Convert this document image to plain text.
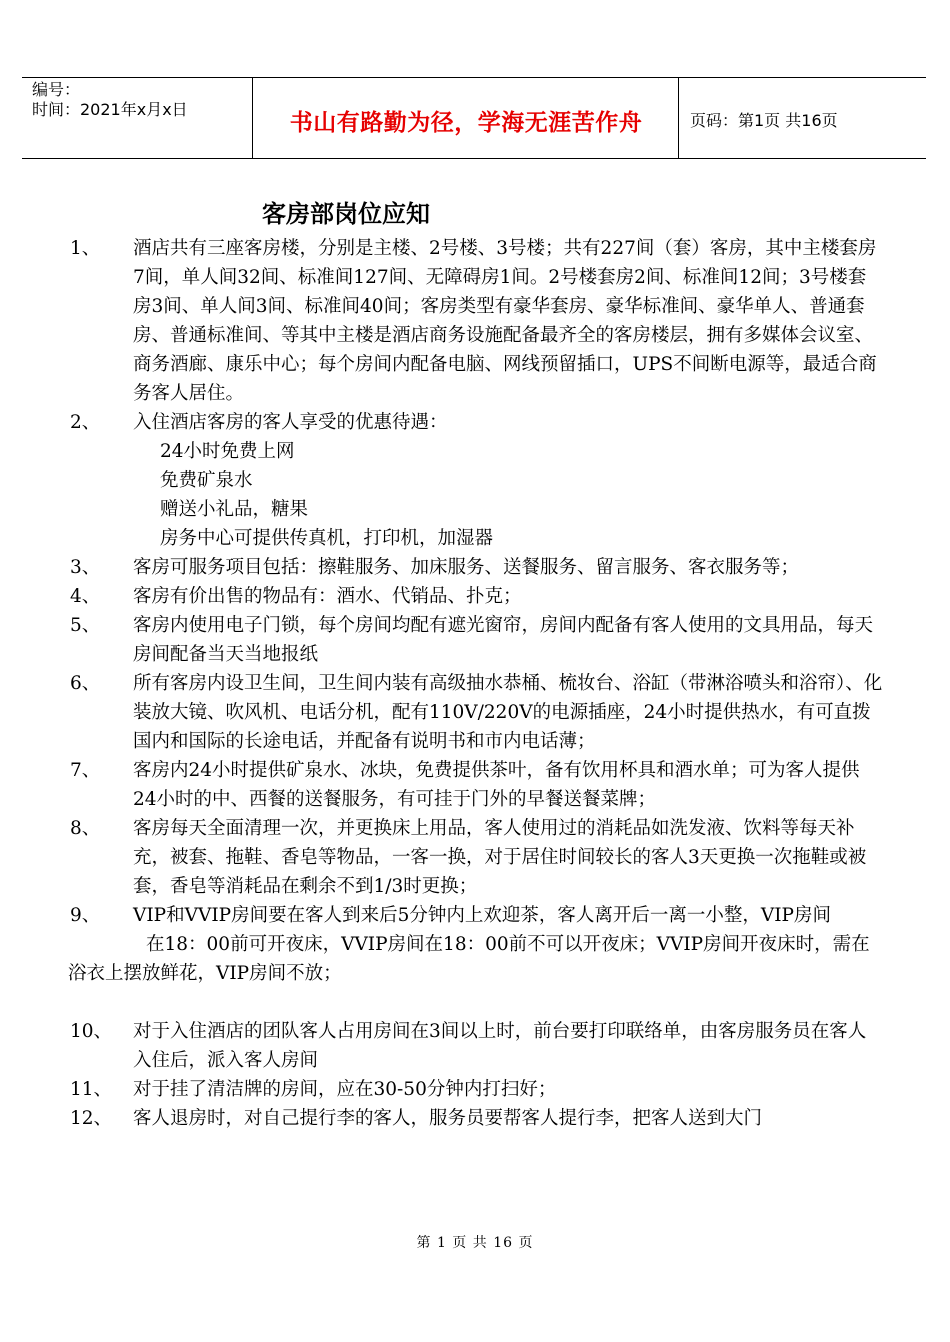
编号：
时间：2021年x月x日
书山有路勤为径，学海无涯苦作舟	页码：第1页 共16页
客房部岗位应知
1、 酒店共有三座客房楼，分别是主楼、2号楼、3号楼；共有227间（套）客房，其中主楼套房7间，单人间32间、标准间127间、无障碍房1间。2号楼套房2间、标准间12间；3号楼套房3间、单人间3间、标准间40间；客房类型有豪华套房、豪华标准间、豪华单人、普通套房、普通标准间、等其中主楼是酒店商务设施配备最齐全的客房楼层，拥有多媒体会议室、商务酒廊、康乐中心；每个房间内配备电脑、网线预留插口，UPS不间断电源等，最适合商务客人居住。
2、 入住酒店客房的客人享受的优惠待遇：
24小时免费上网
免费矿泉水
赠送小礼品，糖果
房务中心可提供传真机，打印机，加湿器
3、 客房可服务项目包括：擦鞋服务、加床服务、送餐服务、留言服务、客衣服务等；
4、 客房有价出售的物品有：酒水、代销品、扑克；
5、 客房内使用电子门锁，每个房间均配有遮光窗帘，房间内配备有客人使用的文具用品，每天房间配备当天当地报纸
6、 所有客房内设卫生间，卫生间内装有高级抽水恭桶、梳妆台、浴缸（带淋浴喷头和浴帘）、化装放大镜、吹风机、电话分机，配有110V/220V的电源插座，24小时提供热水，有可直拨国内和国际的长途电话，并配备有说明书和市内电话薄；
7、 客房内24小时提供矿泉水、冰块，免费提供茶叶，备有饮用杯具和酒水单；可为客人提供24小时的中、西餐的送餐服务，有可挂于门外的早餐送餐菜牌；
8、 客房每天全面清理一次，并更换床上用品，客人使用过的消耗品如洗发液、饮料等每天补充，被套、拖鞋、香皂等物品，一客一换，对于居住时间较长的客人3天更换一次拖鞋或被套，香皂等消耗品在剩余不到1/3时更换；
9、 VIP和VVIP房间要在客人到来后5分钟内上欢迎茶，客人离开后一离一小整，VIP房间
在18：00前可开夜床，VVIP房间在18：00前不可以开夜床；VVIP房间开夜床时，需在浴衣上摆放鲜花，VIP房间不放；
10、 对于入住酒店的团队客人占用房间在3间以上时，前台要打印联络单，由客房服务员在客人入住后，派入客人房间
11、 对于挂了清洁牌的房间，应在30-50分钟内打扫好；
12、 客人退房时，对自己提行李的客人，服务员要帮客人提行李，把客人送到大门
第 1 页 共 16 页
